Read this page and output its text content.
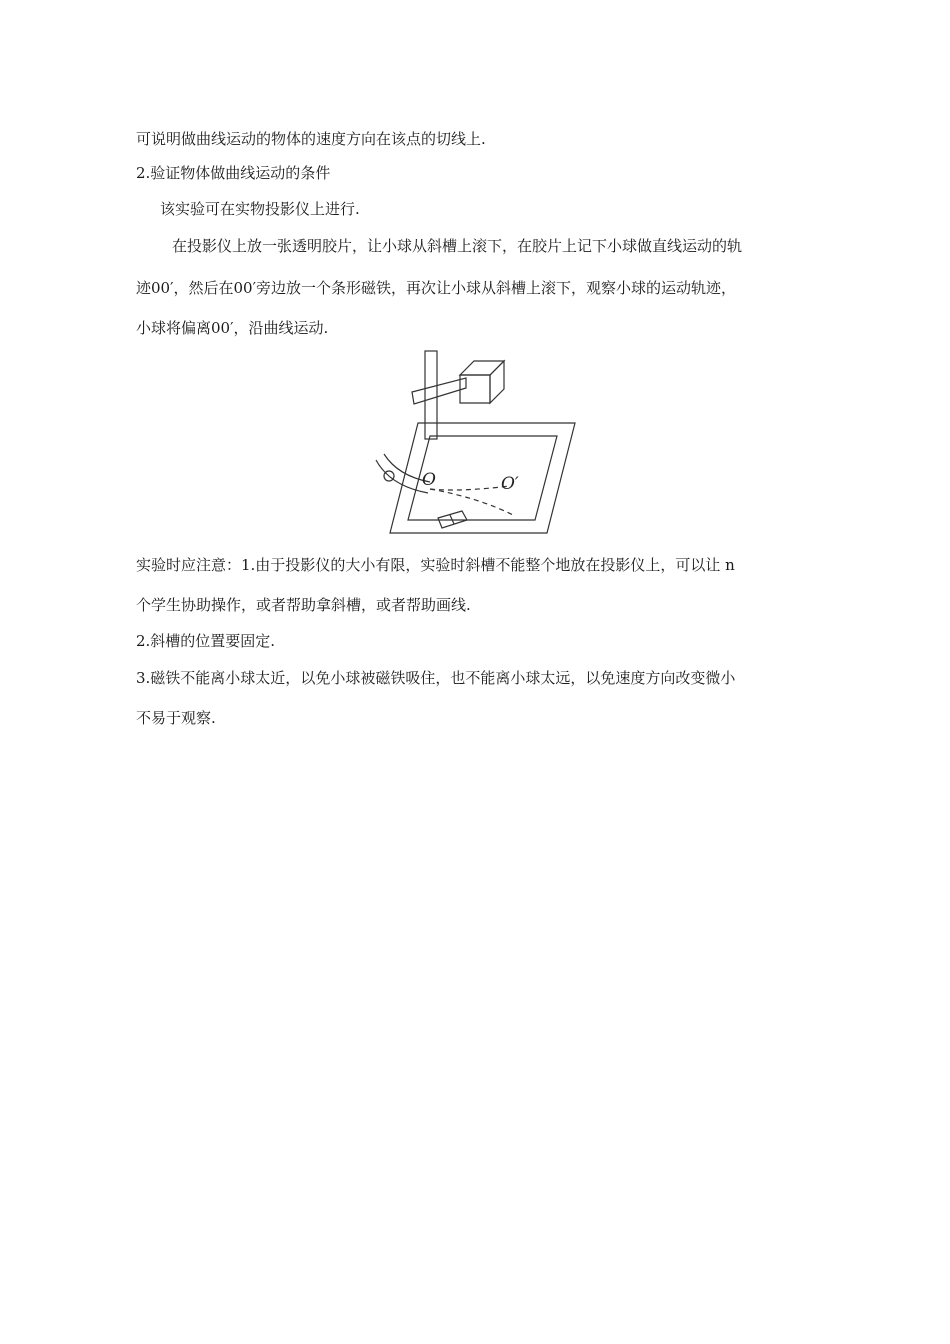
可说明做曲线运动的物体的速度方向在该点的切线上.
2.验证物体做曲线运动的条件
该实验可在实物投影仪上进行.
在投影仪上放一张透明胶片，让小球从斜槽上滚下，在胶片上记下小球做直线运动的轨
迹00′，然后在00′旁边放一个条形磁铁，再次让小球从斜槽上滚下，观察小球的运动轨迹，
小球将偏离00′，沿曲线运动.
O	O′
实验时应注意：1.由于投影仪的大小有限，实验时斜槽不能整个地放在投影仪上，可以让 n
个学生协助操作，或者帮助拿斜槽，或者帮助画线.
2.斜槽的位置要固定.
3.磁铁不能离小球太近，以免小球被磁铁吸住，也不能离小球太远，以免速度方向改变微小
不易于观察.
